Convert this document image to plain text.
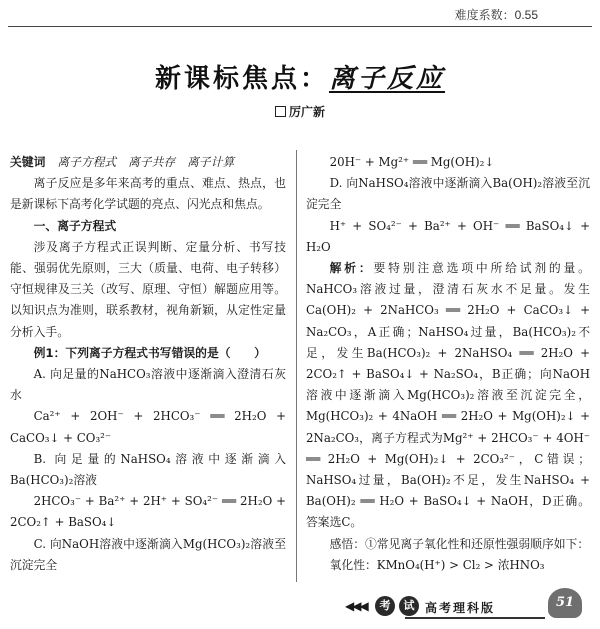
难度系数：0.55
新课标焦点：离子反应
厉广新

关键词　 离子方程式　离子共存　离子计算

离子反应是多年来高考的重点、难点、热点，也是新课标下高考化学试题的亮点、闪光点和焦点。

一、离子方程式

涉及离子方程式正误判断、定量分析、书写技能、强弱优先原则，三大（质量、电荷、电子转移）守恒规律及三关（改写、原理、守恒）解题应用等。以知识点为准则，联系教材，视角新颖，从定性定量分析入手。

例1：下列离子方程式书写错误的是（　　）

A. 向足量的NaHCO₃溶液中逐渐滴入澄清石灰水

Ca²⁺ + 2OH⁻ + 2HCO₃⁻ ══ 2H₂O + CaCO₃↓ + CO₃²⁻

B. 向足量的NaHSO₄溶液中逐渐滴入Ba(HCO₃)₂溶液

2HCO₃⁻ + Ba²⁺ + 2H⁺ + SO₄²⁻ ══ 2H₂O + 2CO₂↑ + BaSO₄↓

C. 向NaOH溶液中逐渐滴入Mg(HCO₃)₂溶液至沉淀完全

20H⁻ + Mg²⁺ ══ Mg(OH)₂↓

D. 向NaHSO₄溶液中逐渐滴入Ba(OH)₂溶液至沉淀完全

H⁺ + SO₄²⁻ + Ba²⁺ + OH⁻ ══ BaSO₄↓ + H₂O

解析：要特别注意选项中所给试剂的量。NaHCO₃溶液过量，澄清石灰水不足量。发生Ca(OH)₂ + 2NaHCO₃ ══ 2H₂O + CaCO₃↓ + Na₂CO₃，A正确；NaHSO₄过量，Ba(HCO₃)₂不足，发生Ba(HCO₃)₂ + 2NaHSO₄ ══ 2H₂O + 2CO₂↑ + BaSO₄↓ + Na₂SO₄，B正确；向NaOH溶液中逐渐滴入Mg(HCO₃)₂溶液至沉淀完全，Mg(HCO₃)₂ + 4NaOH ══ 2H₂O + Mg(OH)₂↓ + 2Na₂CO₃，离子方程式为Mg²⁺ + 2HCO₃⁻ + 4OH⁻ ══ 2H₂O + Mg(OH)₂↓ + 2CO₃²⁻，C错误；NaHSO₄过量，Ba(OH)₂不足，发生NaHSO₄ + Ba(OH)₂ ══ H₂O + BaSO₄↓ + NaOH，D正确。答案选C。

感悟：①常见离子氧化性和还原性强弱顺序如下：

氧化性：KMnO₄(H⁺) > Cl₂ > 浓HNO₃

◀◀◀	考	试 高考理科版	51
